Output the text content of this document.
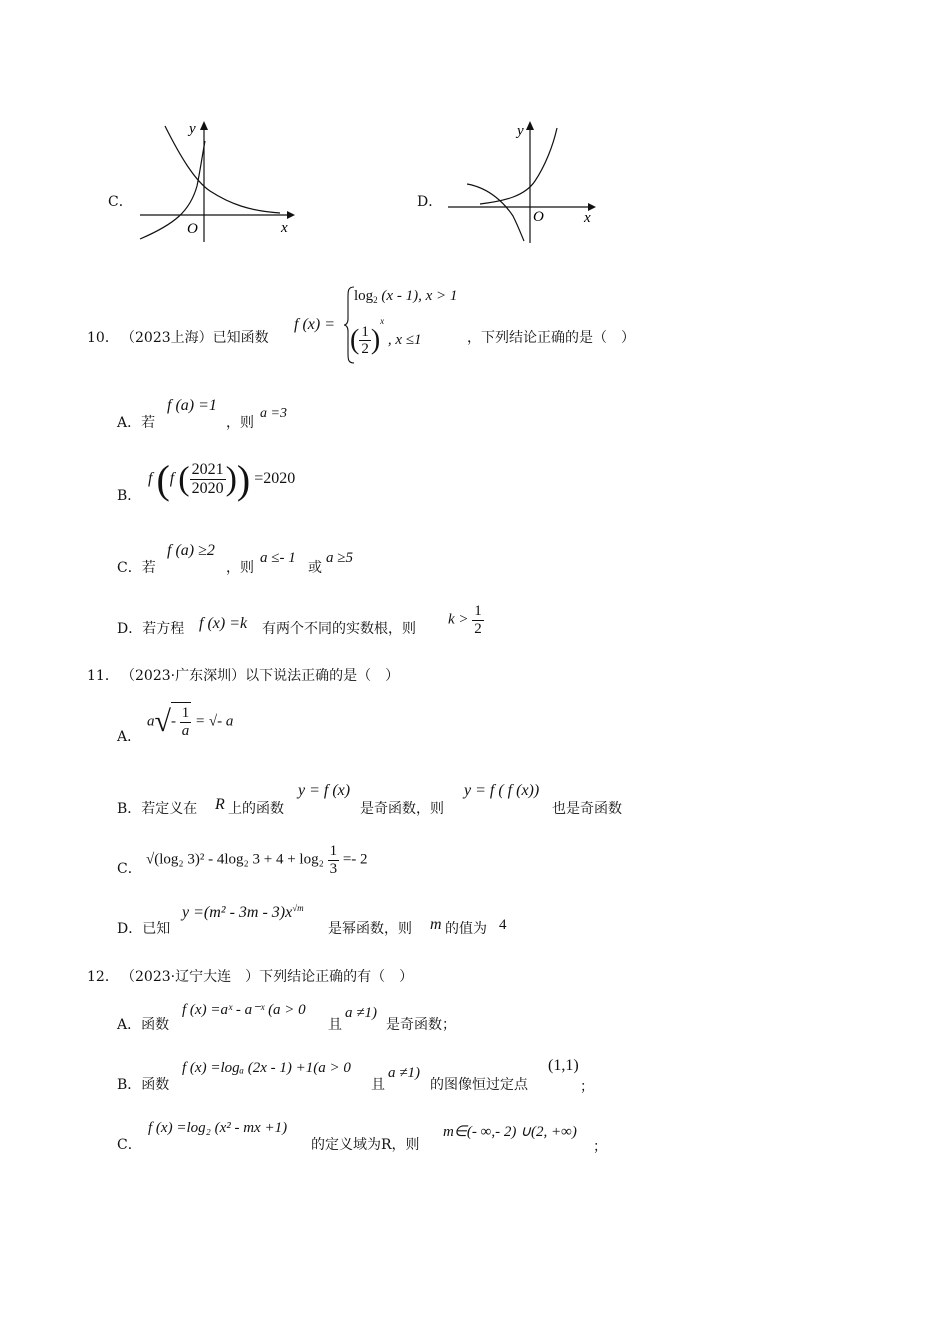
C．
y
x
O
D．
y
x
O
10． （2023上海）已知函数
f (x) =
$\log_2 (x - 1)$, x > 1
( $\frac{1}{2} )^x$ , x ≤1	，下列结论正确的是（　）
A．若
f (a) =1
，则
a =3
B．
f (f ( $\frac{2021}{2020}$ )) =2020
C．若
f (a) ≥2
，则
a ≤- 1
或
a ≥5
D．若方程 f (x) =k 有两个不同的实数根，则
$k > \frac{1}{2}$
11． （2023·广东深圳）以下说法正确的是（　）
A．
$a√- \frac{1}{a}$ = √- a
B．若定义在 R 上的函数
y = f (x)
是奇函数，则
y = f ( f (x))
也是奇函数
C．
√(log₂ 3)² - 4log₂ $3 + 4 + \log_2 \frac{1}{3} =- 2$
D．已知
$y =(m^2 - 3m - 3)x^{√m}$
是幂函数，则 m 的值为 4
12． （2023·辽宁大连　）下列结论正确的有（　）
A．函数
f (x) =aˣ - a⁻ˣ (a > 0
且
a ≠1)
是奇函数；
B．函数
f (x) =logₐ (2x - 1) +1(a > 0
且
a ≠1)
的图像恒过定点
(1,1)
；
C．
f (x) =log₂ (x² - mx +1)
的定义域为R，则
m∈(- ∞,- 2) ∪(2, +∞)
；
